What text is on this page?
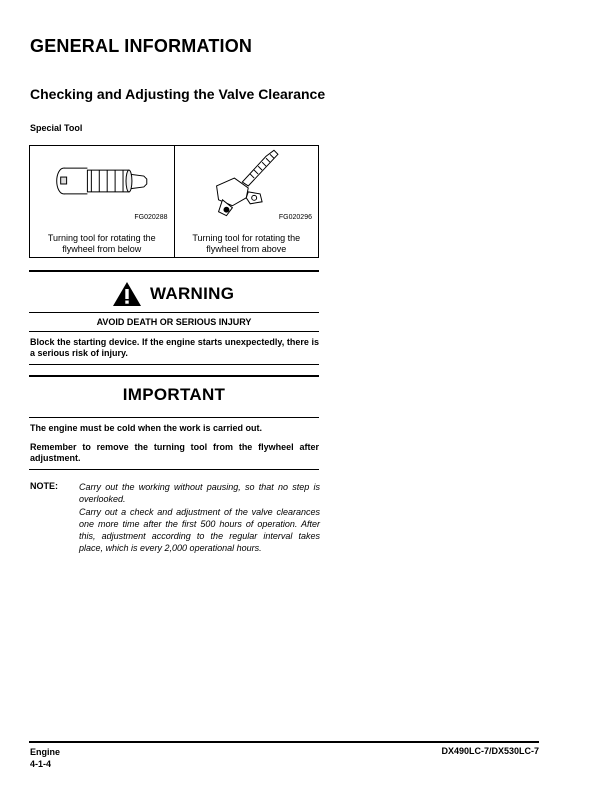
GENERAL INFORMATION
Checking and Adjusting the Valve Clearance
Special Tool
FG020288
Turning tool for rotating the
flywheel from below
FG020296
Turning tool for rotating the
flywheel from above
WARNING
AVOID DEATH OR SERIOUS INJURY
Block the starting device. If the engine starts unexpectedly, there is a serious risk of injury.
IMPORTANT
The engine must be cold when the work is carried out.
Remember to remove the turning tool from the flywheel after adjustment.
NOTE: Carry out the working without pausing, so that no step is overlooked.

Carry out a check and adjustment of the valve clearances one more time after the first 500 hours of operation. After this, adjustment according to the regular interval takes place, which is every 2,000 operational hours.

Engine
4-1-4
DX490LC-7/DX530LC-7
